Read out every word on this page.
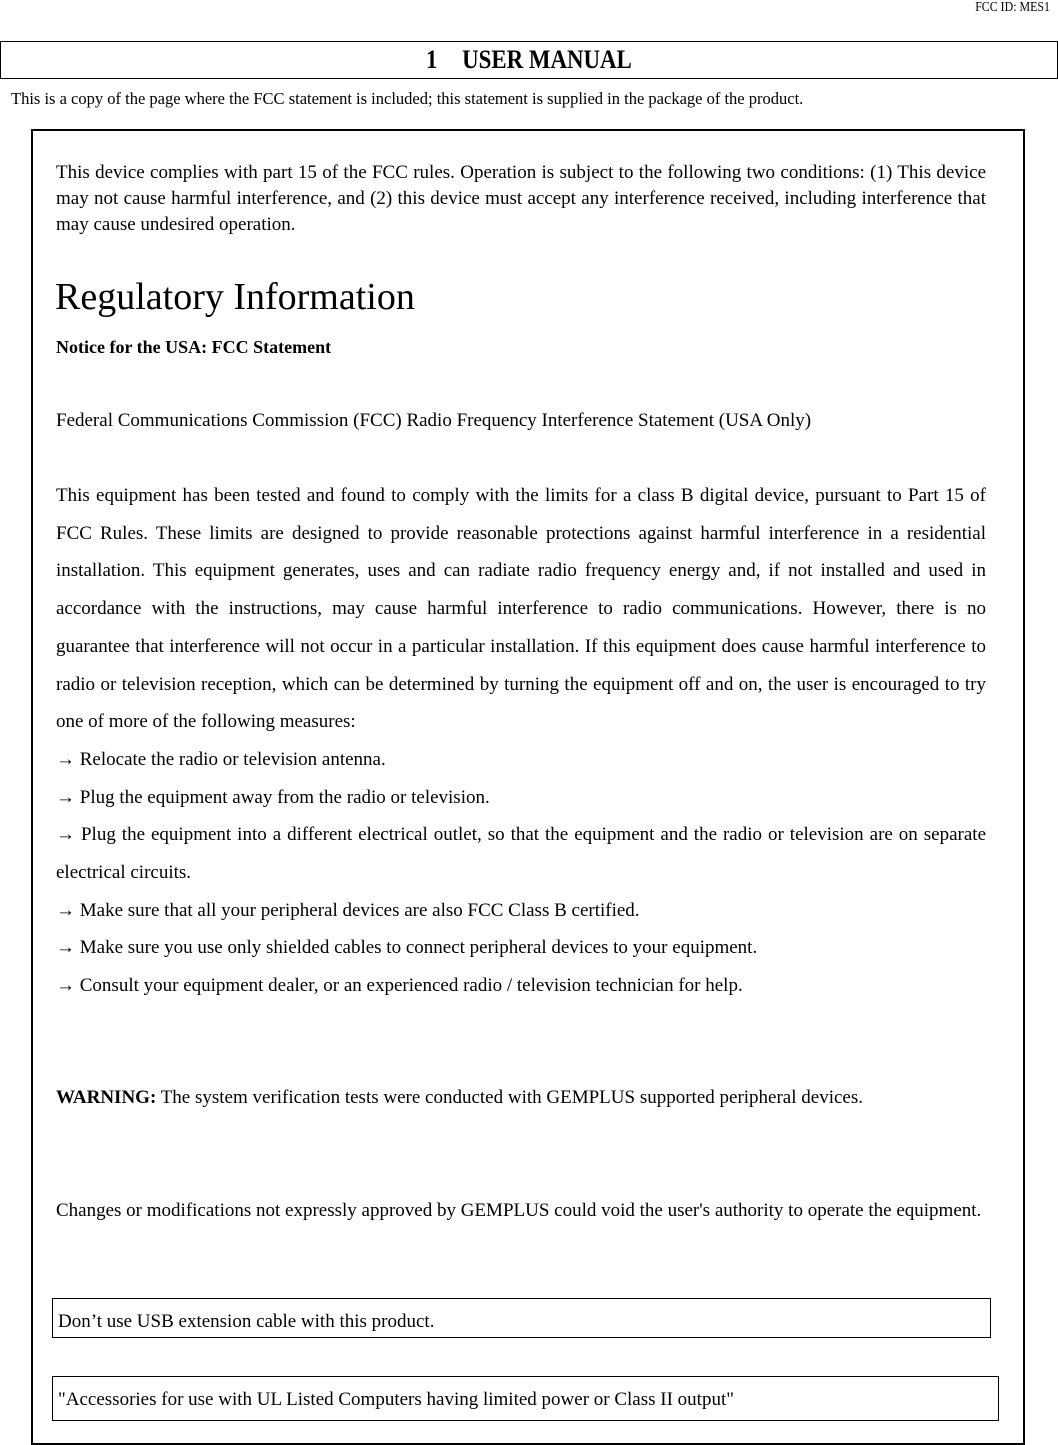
FCC ID: MES1
1 USER MANUAL
This is a copy of the page where the FCC statement is included; this statement is supplied in the package of the product.
This device complies with part 15 of the FCC rules. Operation is subject to the following two conditions: (1) This device may not cause harmful interference, and (2) this device must accept any interference received, including interference that may cause undesired operation.
Regulatory Information
Notice for the USA: FCC Statement
Federal Communications Commission (FCC) Radio Frequency Interference Statement (USA Only)

This equipment has been tested and found to comply with the limits for a class B digital device, pursuant to Part 15 of FCC Rules. These limits are designed to provide reasonable protections against harmful interference in a residential installation. This equipment generates, uses and can radiate radio frequency energy and, if not installed and used in accordance with the instructions, may cause harmful interference to radio communications. However, there is no guarantee that interference will not occur in a particular installation. If this equipment does cause harmful interference to radio or television reception, which can be determined by turning the equipment off and on, the user is encouraged to try one of more of the following measures:

→ Relocate the radio or television antenna.
→ Plug the equipment away from the radio or television.
→ Plug the equipment into a different electrical outlet, so that the equipment and the radio or television are on separate electrical circuits.
→ Make sure that all your peripheral devices are also FCC Class B certified.
→ Make sure you use only shielded cables to connect peripheral devices to your equipment.
→ Consult your equipment dealer, or an experienced radio / television technician for help.

WARNING: The system verification tests were conducted with GEMPLUS supported peripheral devices.

Changes or modifications not expressly approved by GEMPLUS could void the user's authority to operate the equipment.

Don’t use USB extension cable with this product.
"Accessories for use with UL Listed Computers having limited power or Class II output"
